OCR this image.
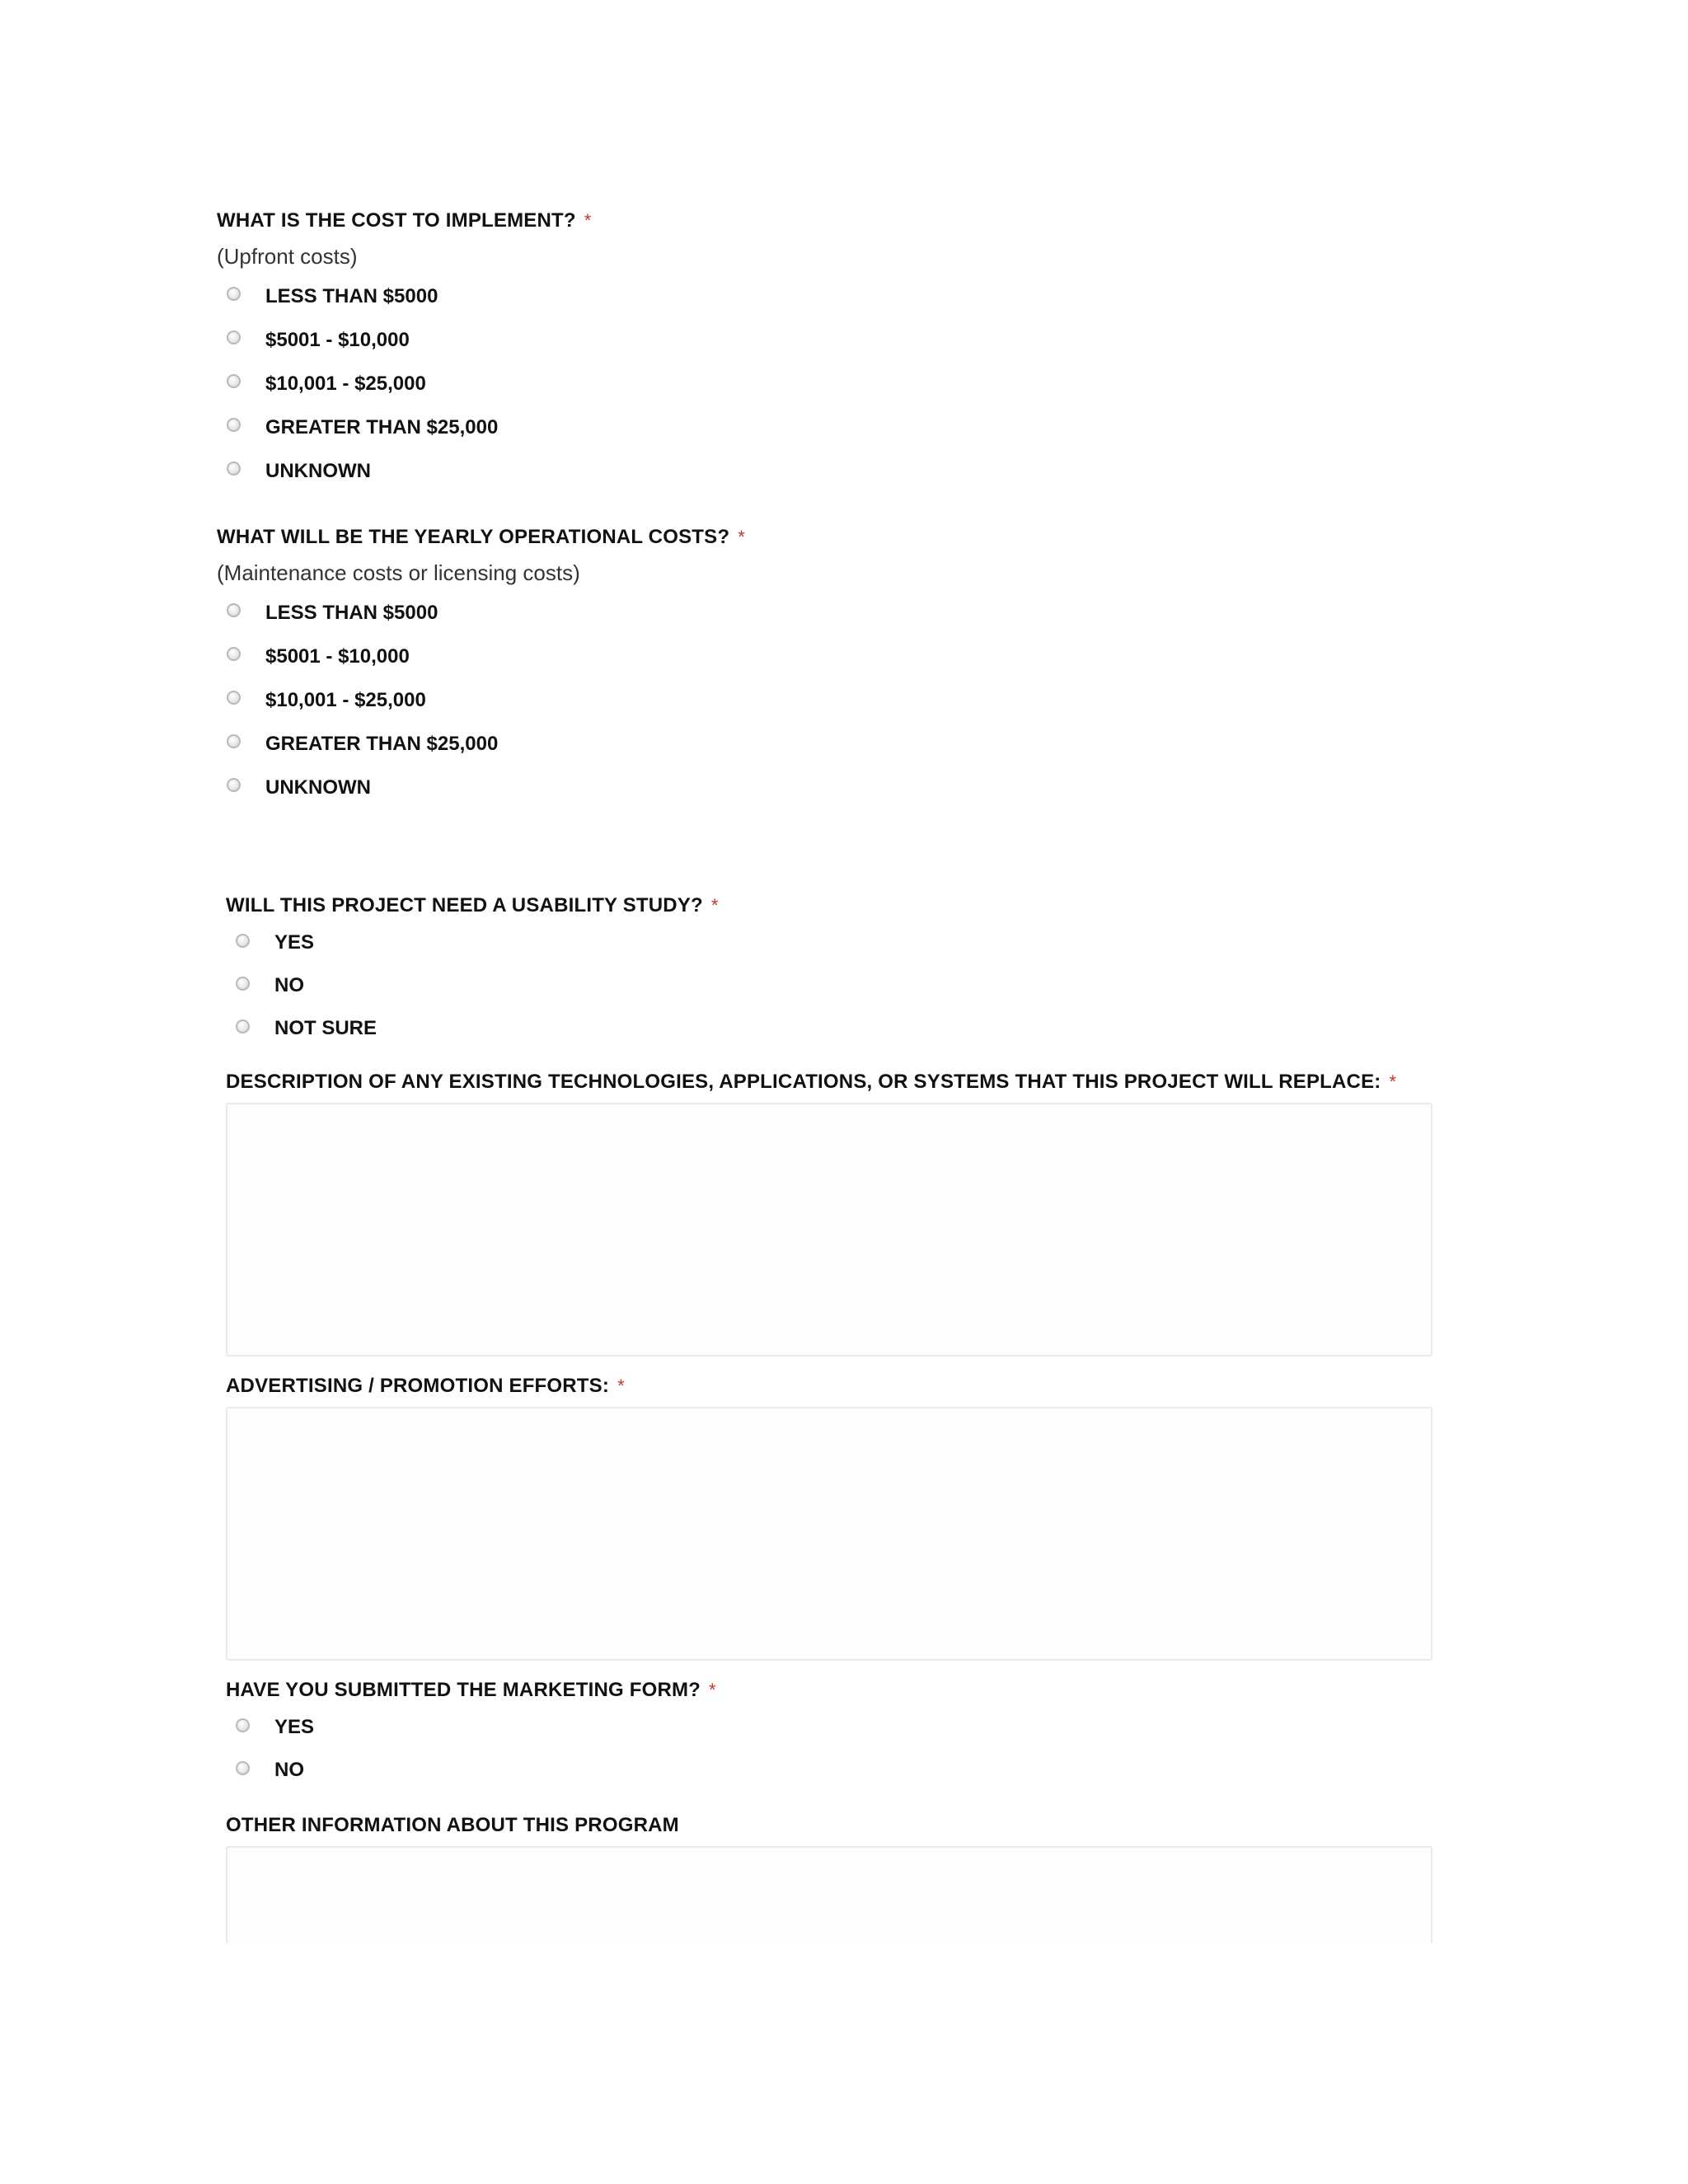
WHAT IS THE COST TO IMPLEMENT? *
(Upfront costs)
LESS THAN $5000
$5001 - $10,000
$10,001 - $25,000
GREATER THAN $25,000
UNKNOWN
WHAT WILL BE THE YEARLY OPERATIONAL COSTS? *
(Maintenance costs or licensing costs)
LESS THAN $5000
$5001 - $10,000
$10,001 - $25,000
GREATER THAN $25,000
UNKNOWN
WILL THIS PROJECT NEED A USABILITY STUDY? *
YES
NO
NOT SURE
DESCRIPTION OF ANY EXISTING TECHNOLOGIES, APPLICATIONS, OR SYSTEMS THAT THIS PROJECT WILL REPLACE: *
ADVERTISING / PROMOTION EFFORTS: *
HAVE YOU SUBMITTED THE MARKETING FORM? *
YES
NO
OTHER INFORMATION ABOUT THIS PROGRAM
